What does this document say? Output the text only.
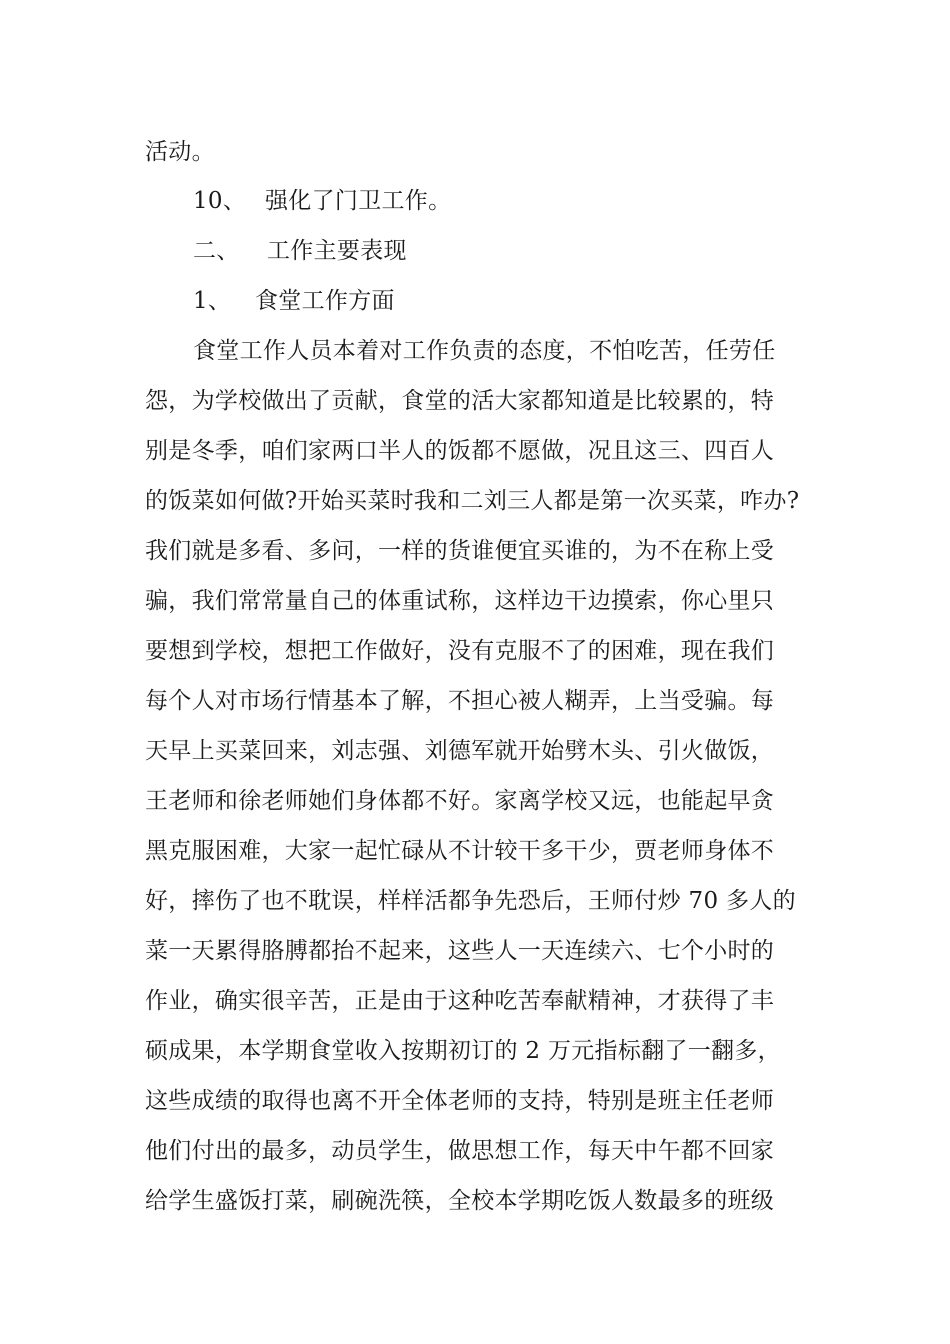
活动。
10、 强化了门卫工作。
二、 工作主要表现
1、 食堂工作方面
食堂工作人员本着对工作负责的态度，不怕吃苦，任劳任
怨，为学校做出了贡献，食堂的活大家都知道是比较累的，特
别是冬季，咱们家两口半人的饭都不愿做，况且这三、四百人
的饭菜如何做?开始买菜时我和二刘三人都是第一次买菜，咋办?
我们就是多看、多问，一样的货谁便宜买谁的，为不在称上受
骗，我们常常量自己的体重试称，这样边干边摸索，你心里只
要想到学校，想把工作做好，没有克服不了的困难，现在我们
每个人对市场行情基本了解，不担心被人糊弄，上当受骗。每
天早上买菜回来，刘志强、刘德军就开始劈木头、引火做饭，
王老师和徐老师她们身体都不好。家离学校又远，也能起早贪
黑克服困难，大家一起忙碌从不计较干多干少，贾老师身体不
好，摔伤了也不耽误，样样活都争先恐后，王师付炒 70 多人的
菜一天累得胳膊都抬不起来，这些人一天连续六、七个小时的
作业，确实很辛苦，正是由于这种吃苦奉献精神，才获得了丰
硕成果，本学期食堂收入按期初订的 2 万元指标翻了一翻多，
这些成绩的取得也离不开全体老师的支持，特别是班主任老师
他们付出的最多，动员学生，做思想工作，每天中午都不回家
给学生盛饭打菜，刷碗洗筷，全校本学期吃饭人数最多的班级
